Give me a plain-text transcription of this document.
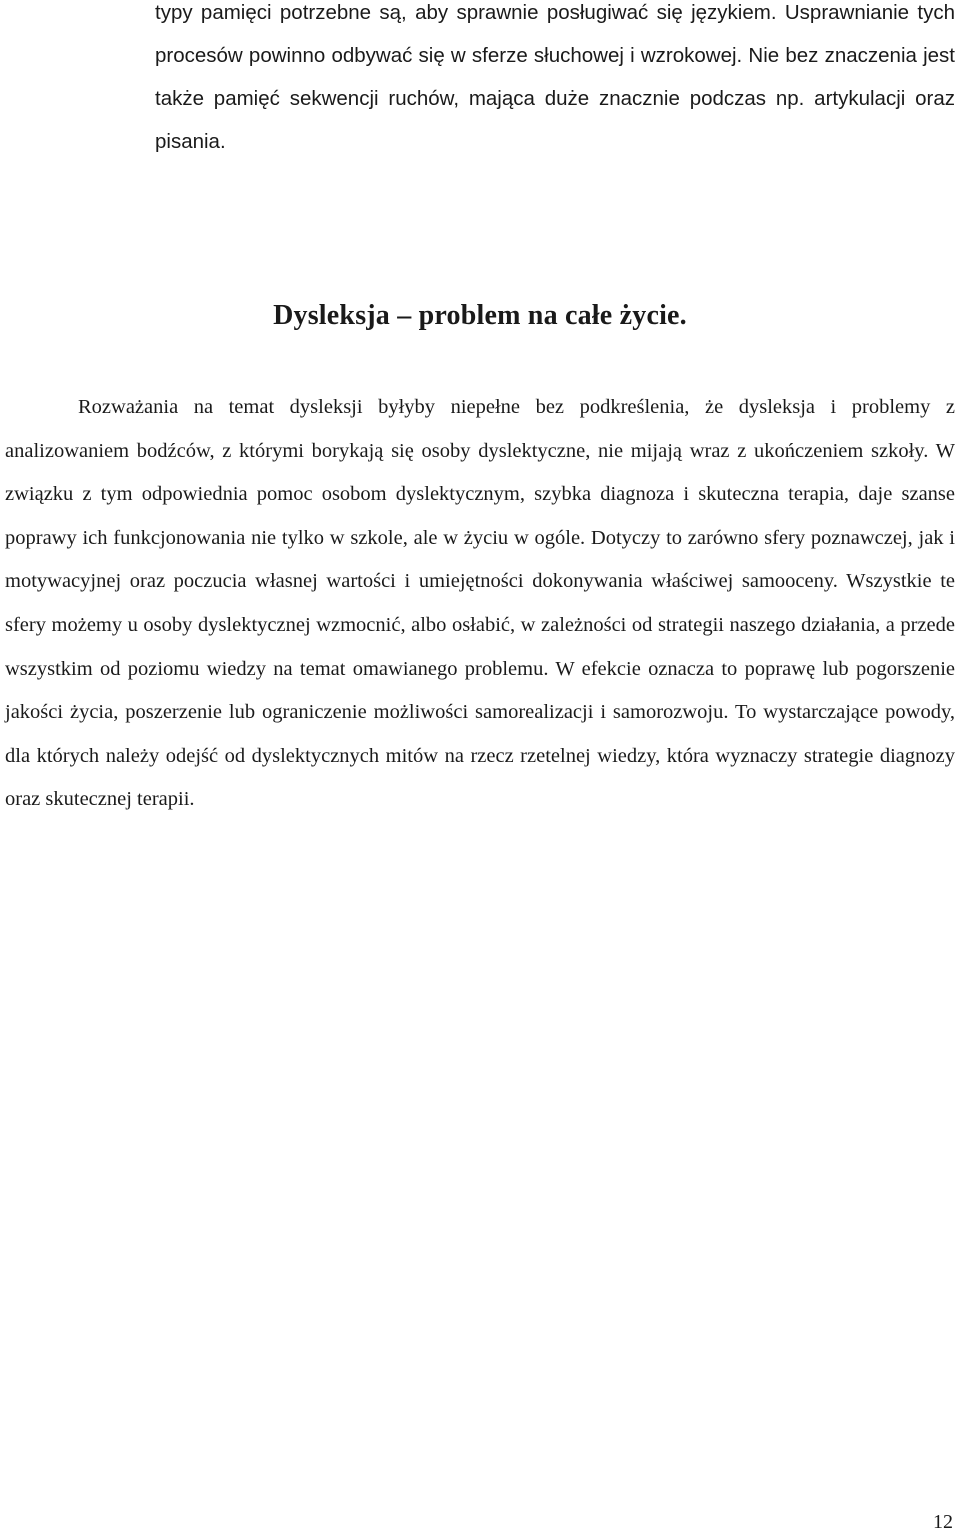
typy pamięci potrzebne są, aby sprawnie posługiwać się językiem. Usprawnianie tych procesów powinno odbywać się w sferze słuchowej i wzrokowej. Nie bez znaczenia jest także pamięć sekwencji ruchów, mająca duże znacznie podczas np. artykulacji oraz pisania.

Dysleksja – problem na całe życie.

Rozważania na temat dysleksji byłyby niepełne bez podkreślenia, że dysleksja i problemy z analizowaniem bodźców, z którymi borykają się osoby dyslektyczne, nie mijają wraz z ukończeniem szkoły. W związku z tym odpowiednia pomoc osobom dyslektycznym, szybka diagnoza i skuteczna terapia, daje szanse poprawy ich funkcjonowania nie tylko w szkole, ale w życiu w ogóle. Dotyczy to zarówno sfery poznawczej, jak i motywacyjnej oraz poczucia własnej wartości i umiejętności dokonywania właściwej samooceny. Wszystkie te sfery możemy u osoby dyslektycznej wzmocnić, albo osłabić, w zależności od strategii naszego działania, a przede wszystkim od poziomu wiedzy na temat omawianego problemu. W efekcie oznacza to poprawę lub pogorszenie jakości życia, poszerzenie lub ograniczenie możliwości samorealizacji i samorozwoju. To wystarczające powody, dla których należy odejść od dyslektycznych mitów na rzecz rzetelnej wiedzy, która wyznaczy strategie diagnozy oraz skutecznej terapii.

12
